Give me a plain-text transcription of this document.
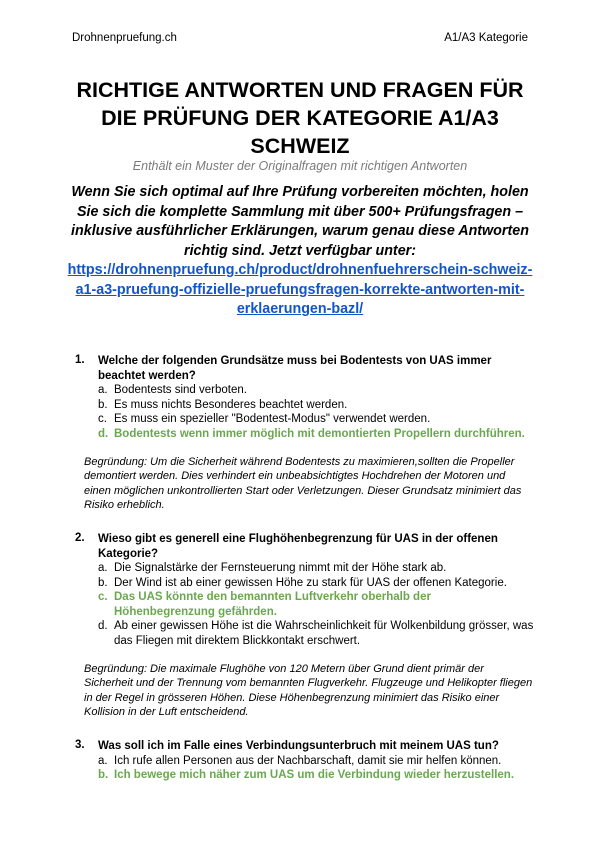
Drohnenpruefung.ch	A1/A3 Kategorie
RICHTIGE ANTWORTEN UND FRAGEN FÜR DIE PRÜFUNG DER KATEGORIE A1/A3 SCHWEIZ
Enthält ein Muster der Originalfragen mit richtigen Antworten
Wenn Sie sich optimal auf Ihre Prüfung vorbereiten möchten, holen Sie sich die komplette Sammlung mit über 500+ Prüfungsfragen – inklusive ausführlicher Erklärungen, warum genau diese Antworten richtig sind. Jetzt verfügbar unter:
https://drohnenpruefung.ch/product/drohnenfuehrerschein-schweiz-a1-a3-pruefung-offizielle-pruefungsfragen-korrekte-antworten-mit-erklaerungen-bazl/
1. Welche der folgenden Grundsätze muss bei Bodentests von UAS immer beachtet werden?
a. Bodentests sind verboten.
b. Es muss nichts Besonderes beachtet werden.
c. Es muss ein spezieller "Bodentest-Modus" verwendet werden.
d. Bodentests wenn immer möglich mit demontierten Propellern durchführen.
Begründung: Um die Sicherheit während Bodentests zu maximieren,sollten die Propeller demontiert werden. Dies verhindert ein unbeabsichtigtes Hochdrehen der Motoren und einen möglichen unkontrollierten Start oder Verletzungen. Dieser Grundsatz minimiert das Risiko erheblich.
2. Wieso gibt es generell eine Flughöhenbegrenzung für UAS in der offenen Kategorie?
a. Die Signalstärke der Fernsteuerung nimmt mit der Höhe stark ab.
b. Der Wind ist ab einer gewissen Höhe zu stark für UAS der offenen Kategorie.
c. Das UAS könnte den bemannten Luftverkehr oberhalb der Höhenbegrenzung gefährden.
d. Ab einer gewissen Höhe ist die Wahrscheinlichkeit für Wolkenbildung grösser, was das Fliegen mit direktem Blickkontakt erschwert.
Begründung: Die maximale Flughöhe von 120 Metern über Grund dient primär der Sicherheit und der Trennung vom bemannten Flugverkehr. Flugzeuge und Helikopter fliegen in der Regel in grösseren Höhen. Diese Höhenbegrenzung minimiert das Risiko einer Kollision in der Luft entscheidend.
3. Was soll ich im Falle eines Verbindungsunterbruch mit meinem UAS tun?
a. Ich rufe allen Personen aus der Nachbarschaft, damit sie mir helfen können.
b. Ich bewege mich näher zum UAS um die Verbindung wieder herzustellen.
